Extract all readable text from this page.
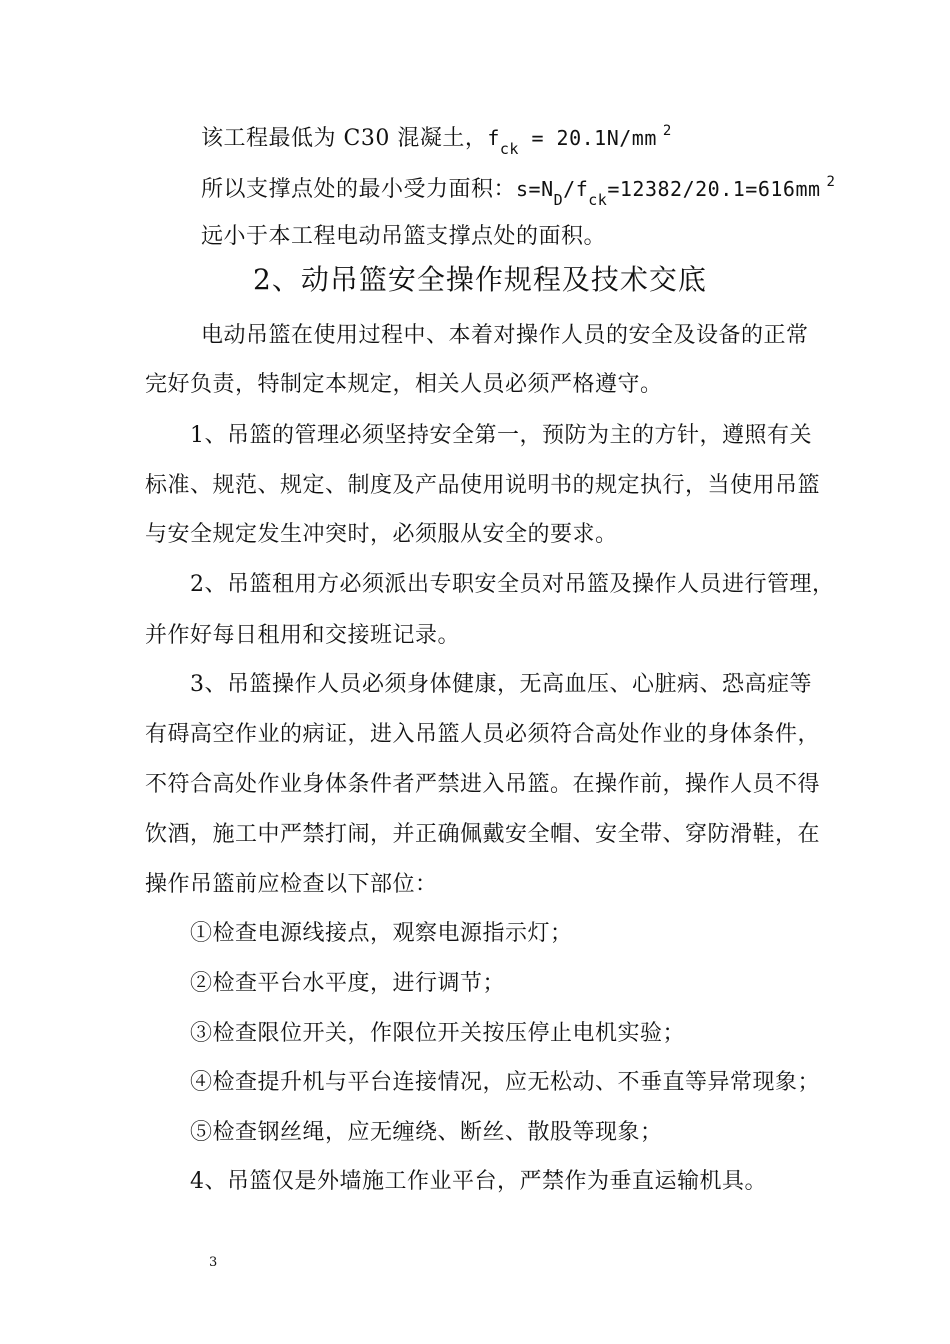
该工程最低为 C30 混凝土，$f_{ck} = 20.1N/mm$ $^2$
所以支撑点处的最小受力面积：$s=N_D/f_{ck}=12382/20.1=616mm$ $^2$
远小于本工程电动吊篮支撑点处的面积。
2、动吊篮安全操作规程及技术交底
电动吊篮在使用过程中、本着对操作人员的安全及设备的正常
完好负责，特制定本规定，相关人员必须严格遵守。
1、吊篮的管理必须坚持安全第一，预防为主的方针，遵照有关
标准、规范、规定、制度及产品使用说明书的规定执行，当使用吊篮
与安全规定发生冲突时，必须服从安全的要求。
2、吊篮租用方必须派出专职安全员对吊篮及操作人员进行管理，
并作好每日租用和交接班记录。
3、吊篮操作人员必须身体健康，无高血压、心脏病、恐高症等
有碍高空作业的病证，进入吊篮人员必须符合高处作业的身体条件，
不符合高处作业身体条件者严禁进入吊篮。在操作前，操作人员不得
饮酒，施工中严禁打闹，并正确佩戴安全帽、安全带、穿防滑鞋，在
操作吊篮前应检查以下部位：
①检查电源线接点，观察电源指示灯；
②检查平台水平度，进行调节；
③检查限位开关，作限位开关按压停止电机实验；
④检查提升机与平台连接情况，应无松动、不垂直等异常现象；
⑤检查钢丝绳，应无缠绕、断丝、散股等现象；
4、吊篮仅是外墙施工作业平台，严禁作为垂直运输机具。
3
